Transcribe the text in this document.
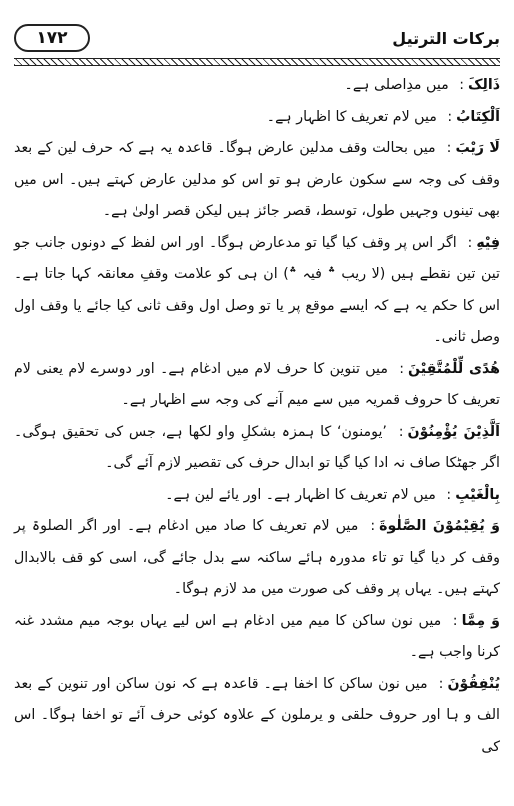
١٧٢	برکات الترتیل

ذَالِکَ: میں مدِاصلی ہے۔

اَلْکِتَابُ: میں لام تعریف کا اظہار ہے۔

لَا رَیْبَ: میں بحالت وقف مدلین عارض ہوگا۔ قاعدہ یہ ہے کہ حرف لین کے بعد وقف کی وجہ سے سکون عارض ہو تو اس کو مدلین عارض کہتے ہیں۔ اس میں بھی تینوں وجہیں طول، توسط، قصر جائز ہیں لیکن قصر اولیٰ ہے۔

فِیْهِ: اگر اس پر وقف کیا گیا تو مدعارض ہوگا۔ اور اس لفظ کے دونوں جانب جو تین تین نقطے ہیں (لا ریب ؞ فیہ ؞) ان ہی کو علامت وقفِ معانقہ کہا جاتا ہے۔ اس کا حکم یہ ہے کہ ایسے موقع پر یا تو وصل اول وقف ثانی کیا جائے یا وقف اول وصل ثانی۔

هُدًی لِّلْمُتَّقِیْنَ: میں تنوین کا حرف لام میں ادغام ہے۔ اور دوسرے لام یعنی لام تعریف کا حروف قمریہ میں سے میم آنے کی وجہ سے اظہار ہے۔

اَلَّذِیْنَ یُؤْمِنُوْنَ: ’یومنون‘ کا ہمزہ بشکلِ واو لکھا ہے، جس کی تحقیق ہوگی۔ اگر جھٹکا صاف نہ ادا کیا گیا تو ابدال حرف کی تقصیر لازم آئے گی۔

بِالْغَیْبِ: میں لام تعریف کا اظہار ہے۔ اور یائے لین ہے۔

وَ یُقِیْمُوْنَ الصَّلٰوةَ: میں لام تعریف کا صاد میں ادغام ہے۔ اور اگر الصلوۃ پر وقف کر دیا گیا تو تاء مدورہ ہائے ساکنہ سے بدل جائے گی، اسی کو قف بالابدال کہتے ہیں۔ یہاں پر وقف کی صورت میں مد لازم ہوگا۔

وَ مِمَّا: میں نون ساکن کا میم میں ادغام ہے اس لیے یہاں بوجہ میم مشدد غنہ کرنا واجب ہے۔

یُنْفِقُوْنَ: میں نون ساکن کا اخفا ہے۔ قاعدہ ہے کہ نون ساکن اور تنوین کے بعد الف و ہا اور حروف حلقی و یرملون کے علاوہ کوئی حرف آئے تو اخفا ہوگا۔ اس کی
